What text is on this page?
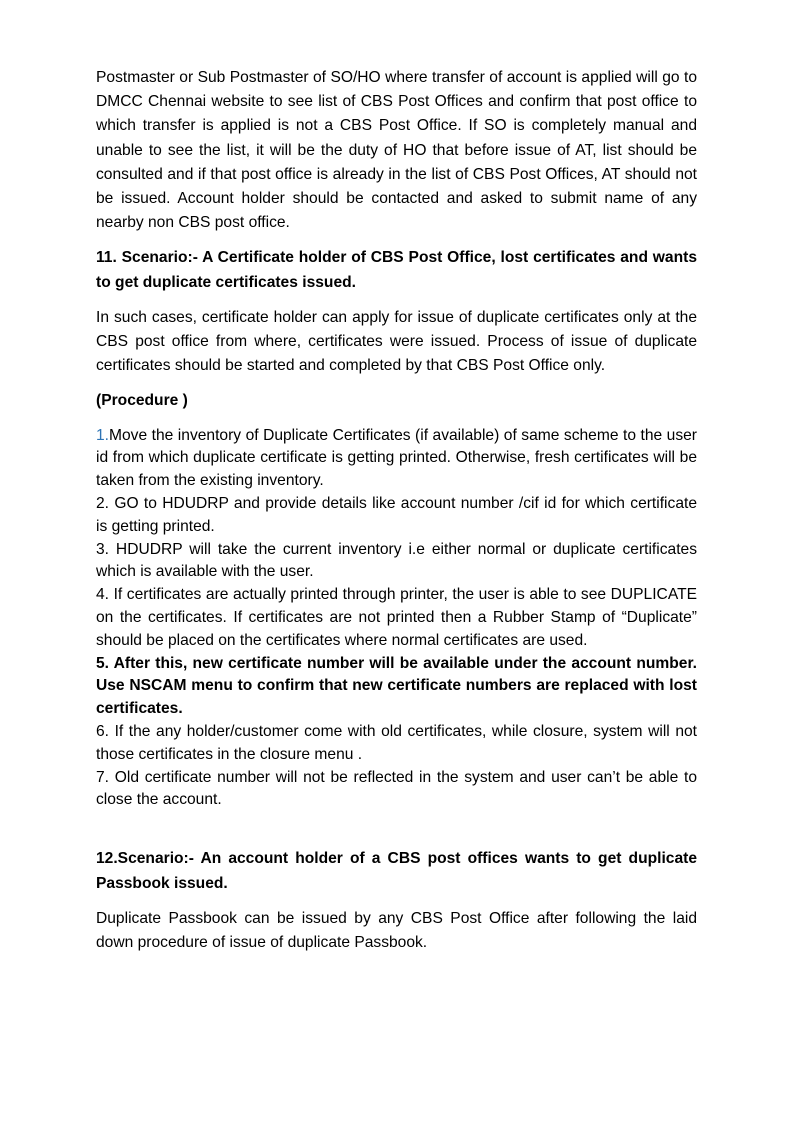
Postmaster or Sub Postmaster of SO/HO where transfer of account is applied will go to DMCC Chennai website to see list of CBS Post Offices and confirm that post office to which transfer is applied is not a CBS Post Office. If SO is completely manual and unable to see the list, it will be the duty of HO that before issue of AT, list should be consulted and if that post office is already in the list of CBS Post Offices, AT should not be issued. Account holder should be contacted and asked to submit name of any nearby non CBS post office.

11. Scenario:- A Certificate holder of CBS Post Office, lost certificates and wants to get duplicate certificates issued.

In such cases, certificate holder can apply for issue of duplicate certificates only at the CBS post office from where, certificates were issued. Process of issue of duplicate certificates should be started and completed by that CBS Post Office only.

(Procedure )

1.Move the inventory of Duplicate Certificates (if available) of same scheme to the user id from which duplicate certificate is getting printed. Otherwise, fresh certificates will be taken from the existing inventory.

2. GO to HDUDRP and provide details like account number /cif id for which certificate is getting printed.

3. HDUDRP will take the current inventory i.e either normal or duplicate certificates which is available with the user.

4. If certificates are actually printed through printer, the user is able to see DUPLICATE on the certificates. If certificates are not printed then a Rubber Stamp of “Duplicate” should be placed on the certificates where normal certificates are used.

5. After this, new certificate number will be available under the account number. Use NSCAM menu to confirm that new certificate numbers are replaced with lost certificates.

6. If the any holder/customer come with old certificates, while closure, system will not those certificates in the closure menu .

7. Old certificate number will not be reflected in the system and user can’t be able to close the account.

12.Scenario:- An account holder of a CBS post offices wants to get duplicate Passbook issued.

Duplicate Passbook can be issued by any CBS Post Office after following the laid down procedure of issue of duplicate Passbook.
